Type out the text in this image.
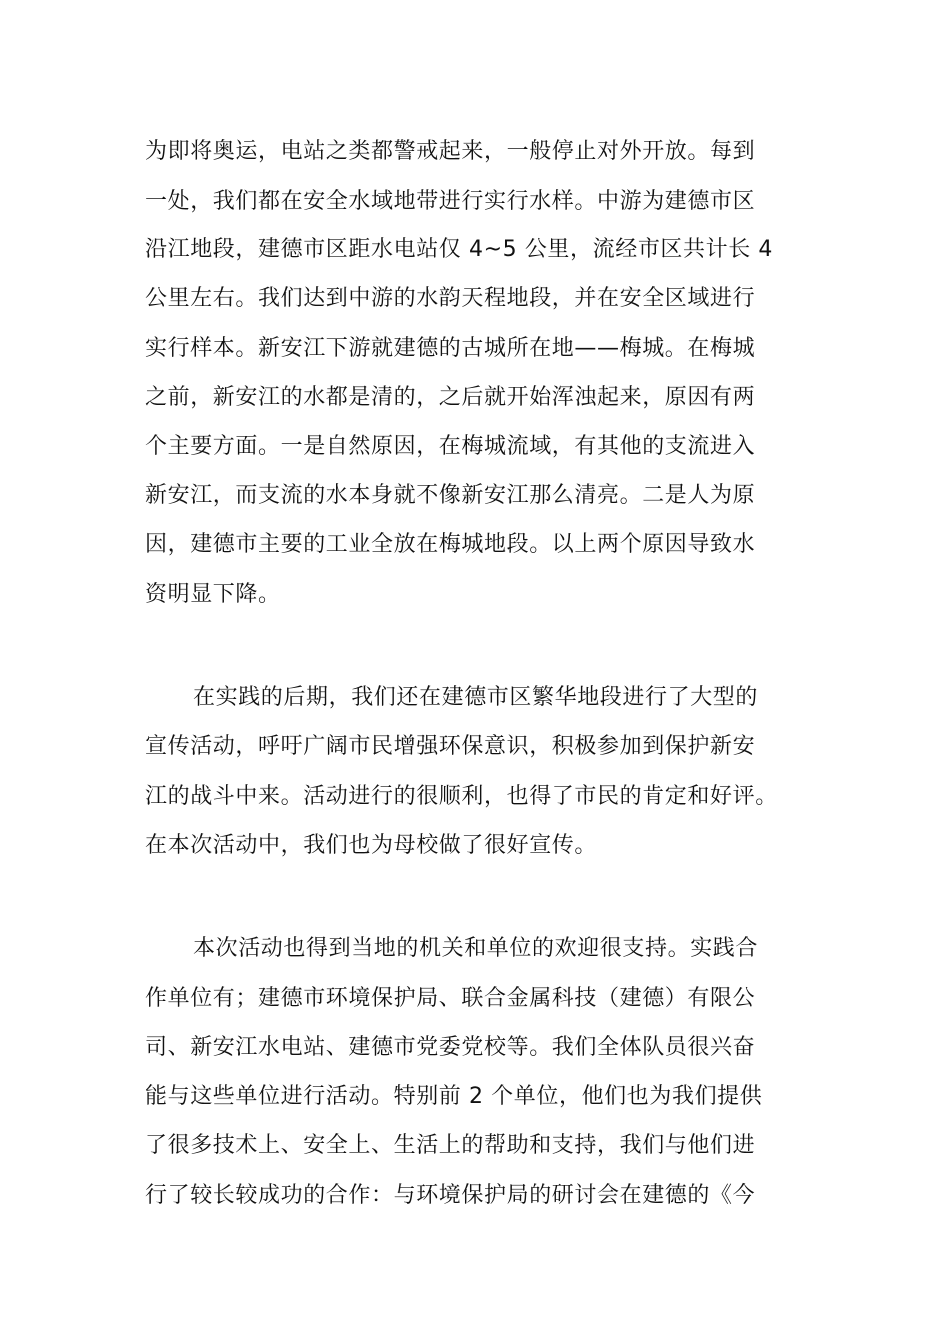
为即将奥运，电站之类都警戒起来，一般停止对外开放。每到

一处，我们都在安全水域地带进行实行水样。中游为建德市区

沿江地段，建德市区距水电站仅 4~5 公里，流经市区共计长 4

公里左右。我们达到中游的水韵天程地段，并在安全区域进行

实行样本。新安江下游就建德的古城所在地——梅城。在梅城

之前，新安江的水都是清的，之后就开始浑浊起来，原因有两

个主要方面。一是自然原因，在梅城流域，有其他的支流进入

新安江，而支流的水本身就不像新安江那么清亮。二是人为原

因，建德市主要的工业全放在梅城地段。以上两个原因导致水

资明显下降。

在实践的后期，我们还在建德市区繁华地段进行了大型的

宣传活动，呼吁广阔市民增强环保意识，积极参加到保护新安

江的战斗中来。活动进行的很顺利，也得了市民的肯定和好评。

在本次活动中，我们也为母校做了很好宣传。

本次活动也得到当地的机关和单位的欢迎很支持。实践合

作单位有；建德市环境保护局、联合金属科技（建德）有限公

司、新安江水电站、建德市党委党校等。我们全体队员很兴奋

能与这些单位进行活动。特别前 2 个单位，他们也为我们提供

了很多技术上、安全上、生活上的帮助和支持，我们与他们进

行了较长较成功的合作：与环境保护局的研讨会在建德的《今
